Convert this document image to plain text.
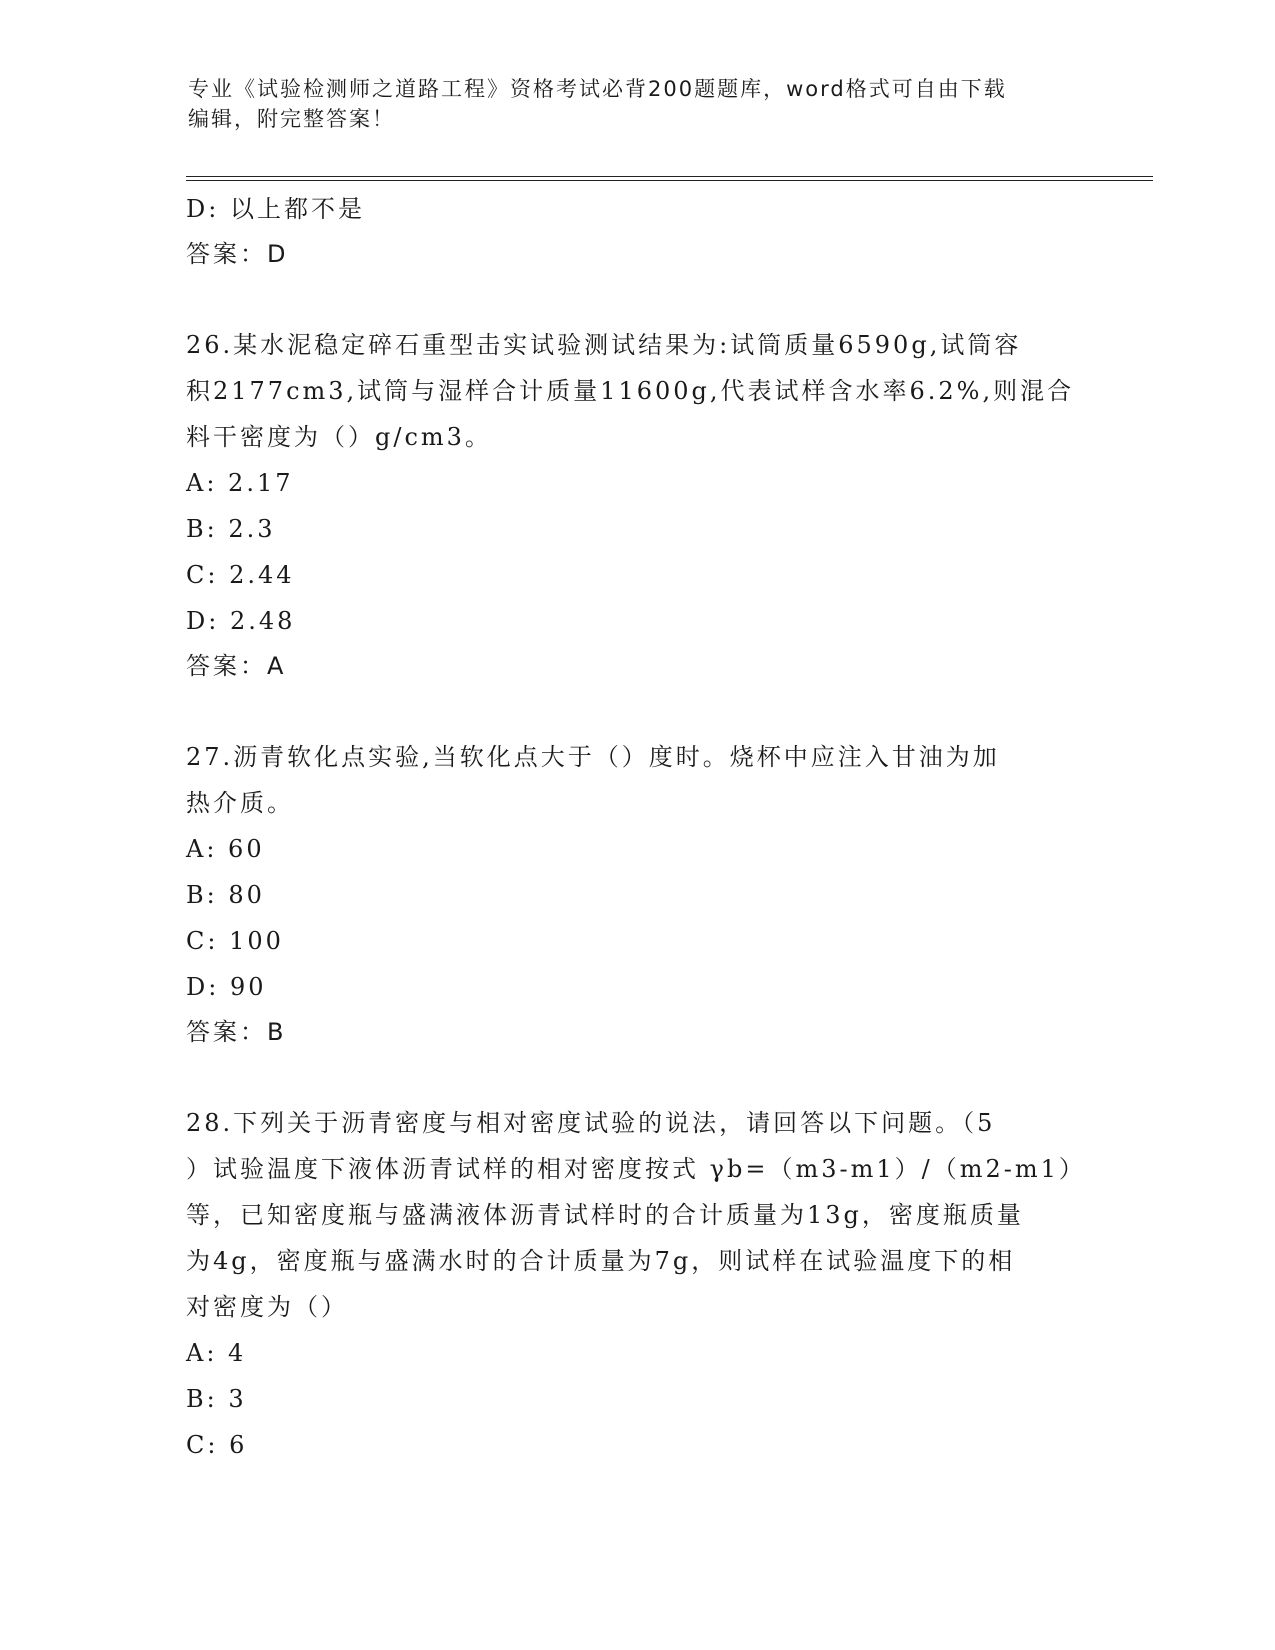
专业《试验检测师之道路工程》资格考试必背200题题库，word格式可自由下载
编辑，附完整答案！
D: 以上都不是
答案：D
26.某水泥稳定碎石重型击实试验测试结果为:试筒质量6590g,试筒容
积2177cm3,试筒与湿样合计质量11600g,代表试样含水率6.2%,则混合
料干密度为（）g/cm3。
A: 2.17
B: 2.3
C: 2.44
D: 2.48
答案：A
27.沥青软化点实验,当软化点大于（）度时。烧杯中应注入甘油为加
热介质。
A: 60
B: 80
C: 100
D: 90
答案：B
28.下列关于沥青密度与相对密度试验的说法，请回答以下问题。（5
）试验温度下液体沥青试样的相对密度按式 γb=（m3-m1）/（m2-m1）
等，已知密度瓶与盛满液体沥青试样时的合计质量为13g，密度瓶质量
为4g，密度瓶与盛满水时的合计质量为7g，则试样在试验温度下的相
对密度为（）
A: 4
B: 3
C: 6
